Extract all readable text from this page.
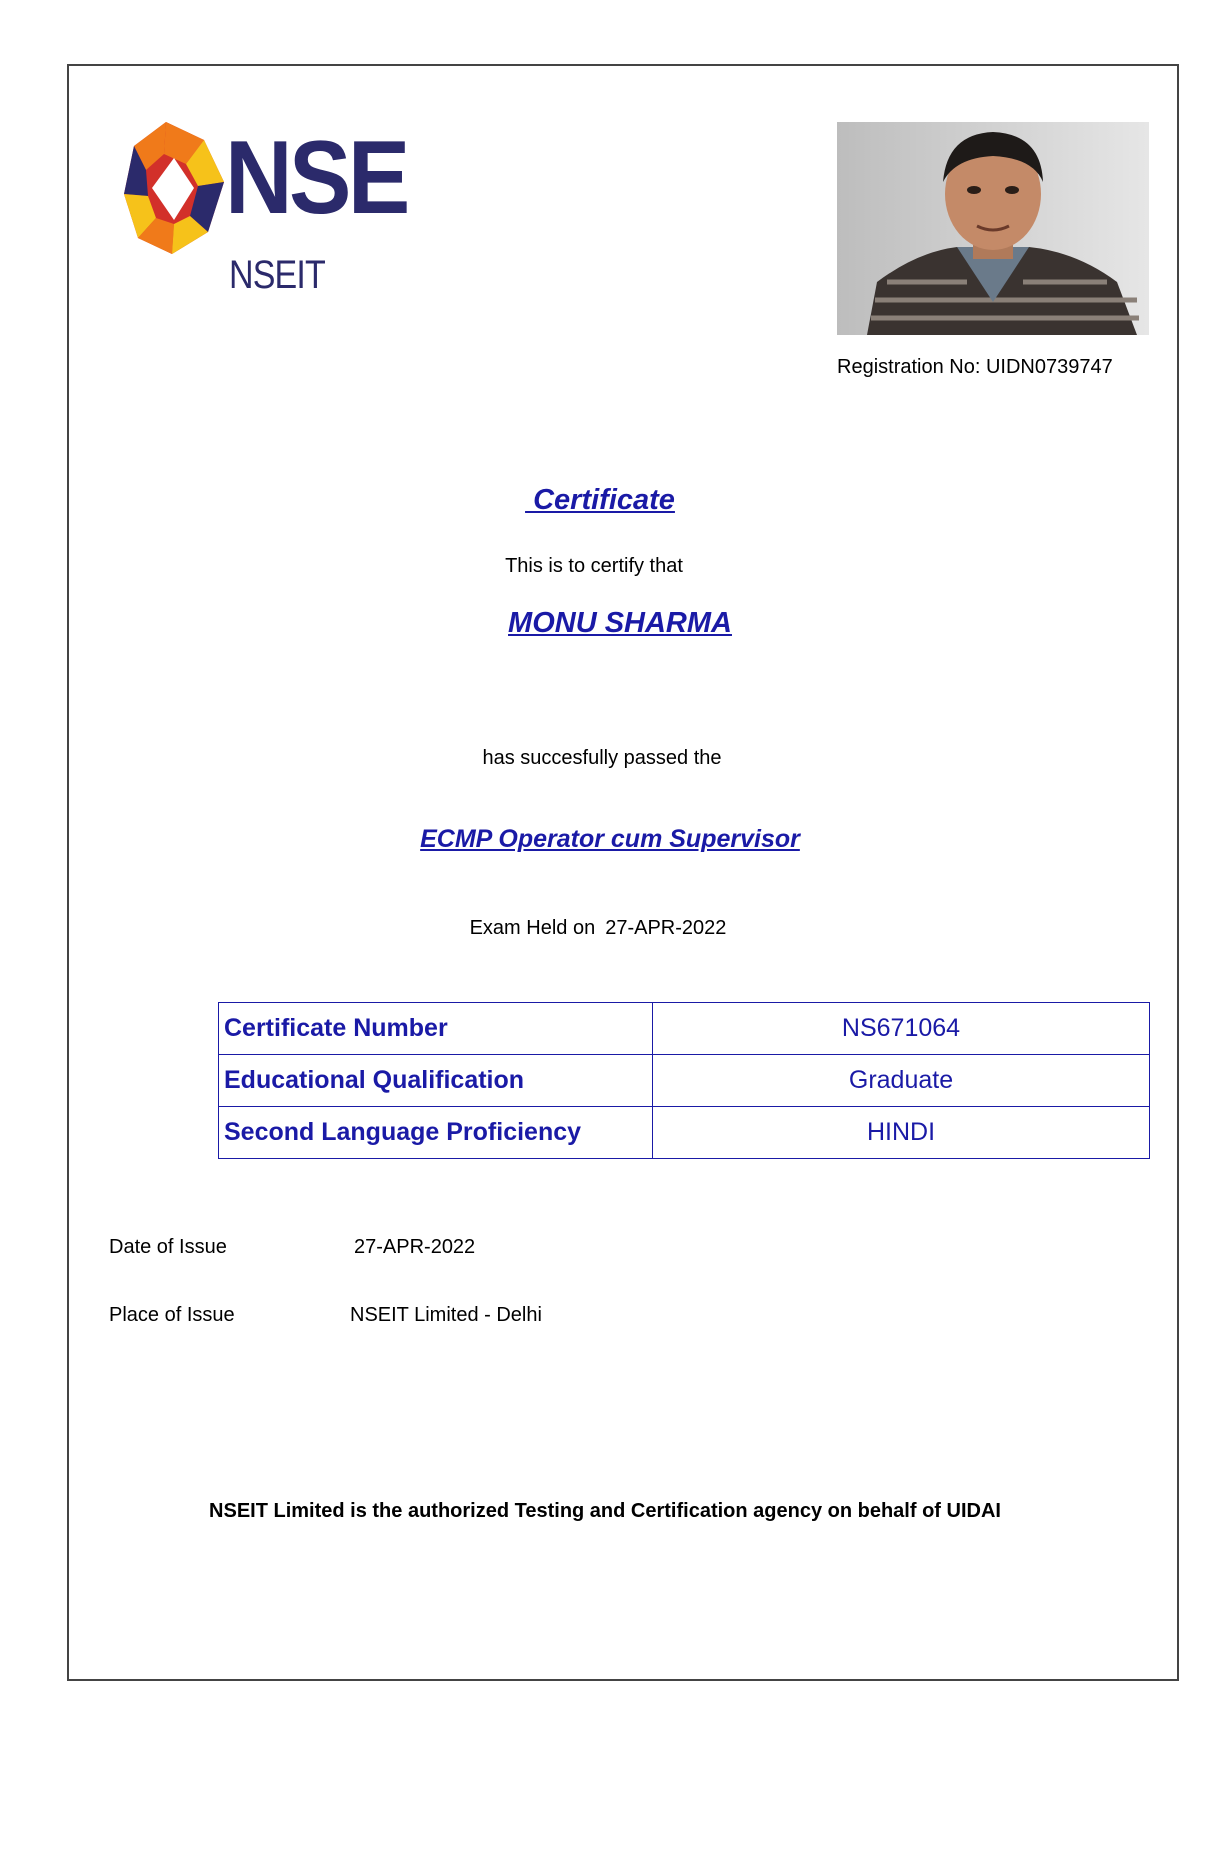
NSE
NSEIT
Registration No: UIDN0739747
Certificate
This is to certify that
MONU SHARMA
has succesfully passed the
ECMP Operator cum Supervisor
Exam Held on 27-APR-2022
Certificate Number	NS671064
Educational Qualification	Graduate
Second Language Proficiency	HINDI
Date of Issue	27-APR-2022
Place of Issue	NSEIT Limited - Delhi
NSEIT Limited is the authorized Testing and Certification agency on behalf of UIDAI
